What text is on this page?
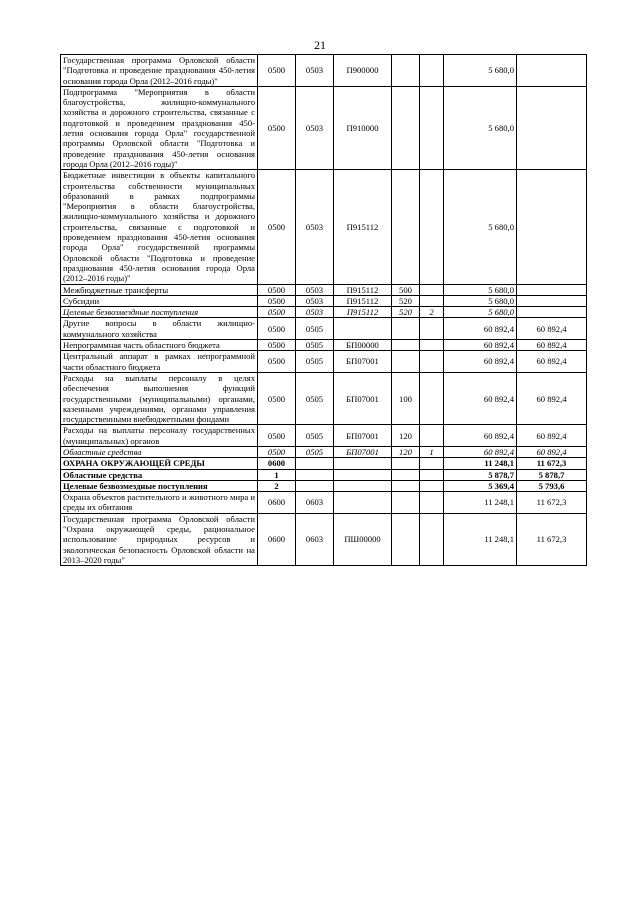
21
Государственная программа Орловской области "Подготовка и проведение празднования 450-летия основания города Орла (2012–2016 годы)"	0500	0503	П900000			5 680,0	
Подпрограмма "Мероприятия в области благоустройства, жилищно-коммунального хозяйства и дорожного строительства, связанные с подготовкой и проведением празднования 450-летия основания города Орла" государственной программы Орловской области "Подготовка и проведение празднования 450-летия основания города Орла (2012–2016 годы)"	0500	0503	П910000			5 680,0	
Бюджетные инвестиции в объекты капитального строительства собственности муниципальных образований в рамках подпрограммы "Мероприятия в области благоустройства, жилищно-коммунального хозяйства и дорожного строительства, связанные с подготовкой и проведением празднования 450-летия основания города Орла" государственной программы Орловской области "Подготовка и проведение празднования 450-летия основания города Орла (2012–2016 годы)"	0500	0503	П915112			5 680,0	
Межбюджетные трансферты	0500	0503	П915112	500		5 680,0	
Субсидии	0500	0503	П915112	520		5 680,0	
Целевые безвозмездные поступления	0500	0503	П915112	520	2	5 680,0	
Другие вопросы в области жилищно-коммунального хозяйства	0500	0505				60 892,4	60 892,4
Непрограммная часть областного бюджета	0500	0505	БП00000			60 892,4	60 892,4
Центральный аппарат в рамках непрограммной части областного бюджета	0500	0505	БП07001			60 892,4	60 892,4
Расходы на выплаты персоналу в целях обеспечения выполнения функций государственными (муниципальными) органами, казенными учреждениями, органами управления государственными внебюджетными фондами	0500	0505	БП07001	100		60 892,4	60 892,4
Расходы на выплаты персоналу государственных (муниципальных) органов	0500	0505	БП07001	120		60 892,4	60 892,4
Областные средства	0500	0505	БП07001	120	1	60 892,4	60 892,4
ОХРАНА ОКРУЖАЮЩЕЙ СРЕДЫ	0600					11 248,1	11 672,3
Областные средства	1					5 878,7	5 878,7
Целевые безвозмездные поступления	2					5 369,4	5 793,6
Охрана объектов растительного и животного мира и среды их обитания	0600	0603				11 248,1	11 672,3
Государственная программа Орловской области "Охрана окружающей среды, рациональное использование природных ресурсов и экологическая безопасность Орловской области на 2013–2020 годы"	0600	0603	ПШ00000			11 248,1	11 672,3
